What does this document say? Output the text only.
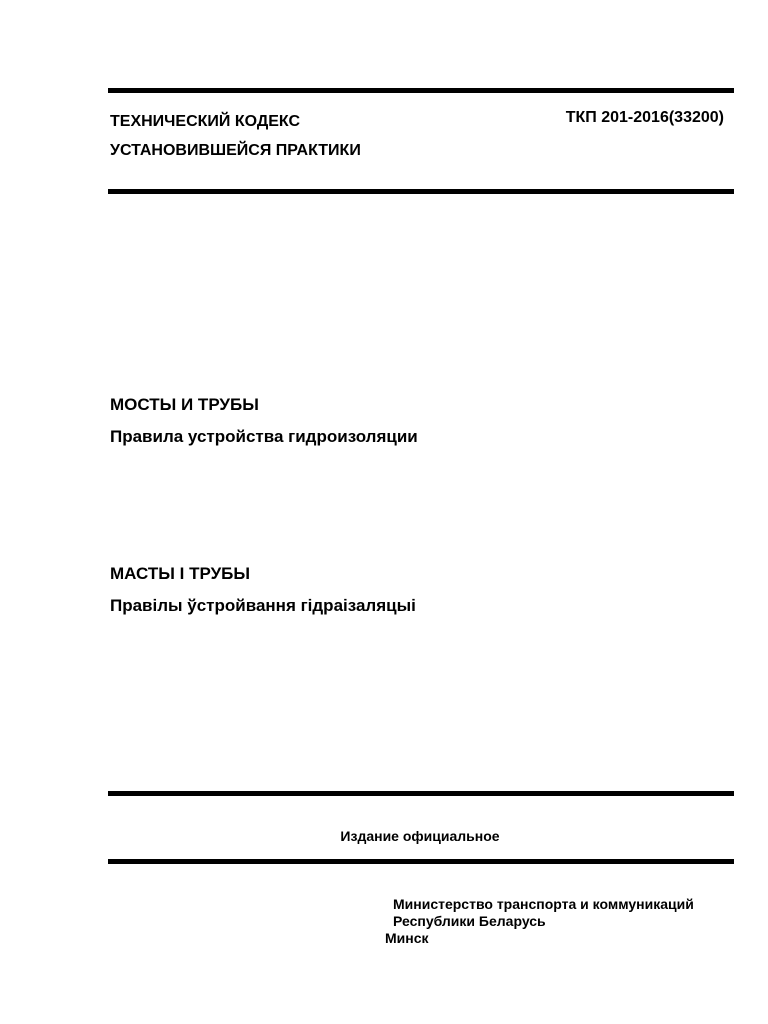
ТЕХНИЧЕСКИЙ КОДЕКС
УСТАНОВИВШЕЙСЯ ПРАКТИКИ
ТКП 201-2016(33200)
МОСТЫ И ТРУБЫ
Правила устройства гидроизоляции
МАСТЫ І ТРУБЫ
Правілы ўстройвання гідраізаляцыі
Издание официальное
Министерство транспорта и коммуникаций
Республики Беларусь
Минск
